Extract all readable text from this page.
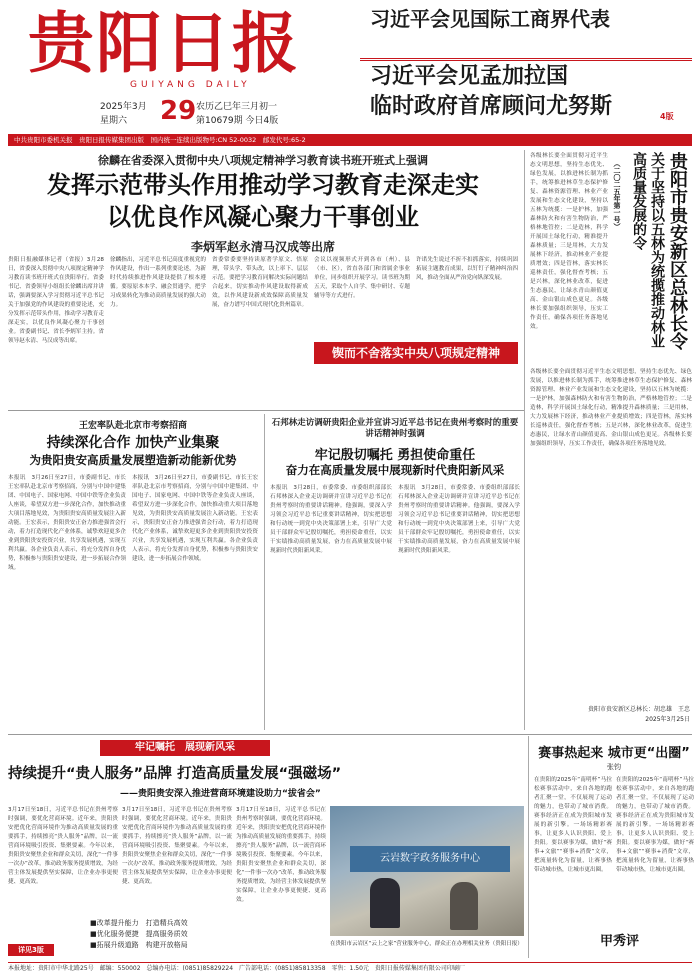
贵阳日报
GUIYANG DAILY
2025年3月
星期六 29 农历乙巳年三月初一
第10679期 今日4版
习近平会见国际工商界代表
习近平会见孟加拉国
临时政府首席顾问尤努斯	4版
中共贵阳市委机关报　贵阳日报传媒集团出版　国内统一连续出版物号:CN 52-0032　邮发代号:65-2
徐麟在省委深入贯彻中央八项规定精神学习教育读书班开班式上强调
发挥示范带头作用推动学习教育走深走实
以优良作风凝心聚力干事创业
李炳军赵永清马汉成等出席
贵阳日报融媒体记者（省报）3月28日，省委深入贯彻中央八项规定精神学习教育读书班开班式在贵阳举行。省委书记、省委领导小组组长徐麟出席并讲话，强调要深入学习贯彻习近平总书记关于加强党的作风建设的重要论述，充分发挥示范带头作用，推动学习教育走深走实，以优良作风凝心聚力干事创业。省委副书记、省长李炳军主持。省领导赵永清、马汉成等出席。
徐麟指出，习近平总书记高度重视党的作风建设，作出一系列重要论述，为新时代持续推进作风建设提供了根本遵循。要原原本本学、融会贯通学，把学习成果转化为推动高质量发展的强大动力。
省委常委要坚持读原著学原文、悟原理，带头学、带头改，以上率下、层层示范。要把学习教育同解决实际问题结合起来，切实推动作风建设取得新成效，以作风建设新成效保障高质量发展，奋力谱写中国式现代化贵州篇章。
会议以视频形式开到各市（州）、县（市、区），省直各部门和省属企事业单位，同步组织开展学习。读书班为期五天，采取个人自学、集中研讨、专题辅导等方式进行。
许诺先生说过不折不扣抓落实，持续巩固拓展主题教育成果，以钉钉子精神纠治四风，推动全面从严治党向纵深发展。
锲而不舍落实中央八项规定精神
贵阳市贵安新区总林长令
关于坚持以五林为统揽推动林业高质量发展的令
（二〇二五年第一号）
各级林长要全面贯彻习近平生态文明思想，坚持生态优先、绿色发展，以推进林长制为抓手，统筹推进林草生态保护修复、森林资源管理、林业产业发展和生态文化建设，坚持以五林为统揽：一是护林，加强森林防火和有害生物防治，严格林地管控；二是造林，科学开展国土绿化行动，精准提升森林质量；三是用林，大力发展林下经济，推动林业产业提质增效；四是管林，落实林长巡林责任，强化督查考核；五是兴林，深化林业改革，促进生态惠民，让绿水青山颜值更高、金山银山成色更足。各级林长要加强组织领导，压实工作责任，确保各项任务落地见效。
各级林长要全面贯彻习近平生态文明思想，坚持生态优先、绿色发展，以推进林长制为抓手，统筹推进林草生态保护修复、森林资源管理、林业产业发展和生态文化建设，坚持以五林为统揽：一是护林，加强森林防火和有害生物防治，严格林地管控；二是造林，科学开展国土绿化行动，精准提升森林质量；三是用林，大力发展林下经济，推动林业产业提质增效；四是管林，落实林长巡林责任，强化督查考核；五是兴林，深化林业改革，促进生态惠民，让绿水青山颜值更高、金山银山成色更足。各级林长要加强组织领导，压实工作责任，确保各项任务落地见效。
贵阳市贵安新区总林长：胡忠雄　王忠
2025年3月25日
王宏率队赴北京市考察招商
持续深化合作 加快产业集聚
为贵阳贵安高质量发展塑造新动能新优势
本报讯　3月26日至27日，市委副书记、市长王宏率队赴北京市考察招商，分别与中国中建集团、中国电子、国家电网、中国中铁等企业负责人座谈，希望双方进一步深化合作，加快推动重大项目落地见效，为贵阳贵安高质量发展注入新动能。王宏表示，贵阳贵安正奋力推进强省会行动，着力打造现代化产业体系，诚挚欢迎更多企业到贵阳贵安投资兴业，共享发展机遇，实现互利共赢。各企业负责人表示，将充分发挥自身优势，积极参与贵阳贵安建设，进一步拓展合作领域。
本报讯　3月26日至27日，市委副书记、市长王宏率队赴北京市考察招商，分别与中国中建集团、中国电子、国家电网、中国中铁等企业负责人座谈，希望双方进一步深化合作，加快推动重大项目落地见效，为贵阳贵安高质量发展注入新动能。王宏表示，贵阳贵安正奋力推进强省会行动，着力打造现代化产业体系，诚挚欢迎更多企业到贵阳贵安投资兴业，共享发展机遇，实现互利共赢。各企业负责人表示，将充分发挥自身优势，积极参与贵阳贵安建设，进一步拓展合作领域。
石邦林走访调研贵阳企业并宣讲习近平总书记在贵州考察时的重要讲话精神时强调
牢记殷切嘱托 勇担使命重任
奋力在高质量发展中展现新时代贵阳新风采
本报讯　3月28日，市委常委、市委组织部部长石邦林深入企业走访调研并宣讲习近平总书记在贵州考察时的重要讲话精神。他强调，要深入学习领会习近平总书记重要讲话精神，切实把思想和行动统一到党中央决策部署上来，引导广大党员干部群众牢记殷切嘱托，勇担使命重任，以实干实绩推动高质量发展，奋力在高质量发展中展现新时代贵阳新风采。
本报讯　3月28日，市委常委、市委组织部部长石邦林深入企业走访调研并宣讲习近平总书记在贵州考察时的重要讲话精神。他强调，要深入学习领会习近平总书记重要讲话精神，切实把思想和行动统一到党中央决策部署上来，引导广大党员干部群众牢记殷切嘱托，勇担使命重任，以实干实绩推动高质量发展，奋力在高质量发展中展现新时代贵阳新风采。
牢记嘱托　展现新风采
持续提升“贵人服务”品牌 打造高质量发展“强磁场”
——贵阳贵安深入推进营商环境建设助力“拔省会”
3月17日至18日，习近平总书记在贵州考察时强调，要优化营商环境。近年来，贵阳贵安把优化营商环境作为推动高质量发展的重要抓手，持续擦亮“贵人服务”品牌，以一流营商环境吸引投资、集聚要素。今年以来，贵阳贵安聚焦企业和群众关切，深化“一件事一次办”改革，推动政务服务提质增效，为经营主体发展提供坚实保障，让企业办事更便捷、更高效。
3月17日至18日，习近平总书记在贵州考察时强调，要优化营商环境。近年来，贵阳贵安把优化营商环境作为推动高质量发展的重要抓手，持续擦亮“贵人服务”品牌，以一流营商环境吸引投资、集聚要素。今年以来，贵阳贵安聚焦企业和群众关切，深化“一件事一次办”改革，推动政务服务提质增效，为经营主体发展提供坚实保障，让企业办事更便捷、更高效。
3月17日至18日，习近平总书记在贵州考察时强调，要优化营商环境。近年来，贵阳贵安把优化营商环境作为推动高质量发展的重要抓手，持续擦亮“贵人服务”品牌，以一流营商环境吸引投资、集聚要素。今年以来，贵阳贵安聚焦企业和群众关切，深化“一件事一次办”改革，推动政务服务提质增效，为经营主体发展提供坚实保障，让企业办事更便捷、更高效。
■改革提升能力　打造精兵高效
■优化服务便捷　提高服务质效
■拓展升级道路　构建开放格局
详见3版
云岩数字政务服务中心
在贵阳市云岩区“云上之家”营业服务中心，群众正在办理相关业务（贵阳日报）
赛事热起来 城市更“出圈”
张钧
在贵阳的2025年“南明杯”马拉松赛事活动中，来自各地的跑者汇聚一堂，不仅展现了运动的魅力，也带动了城市消费。赛事经济正在成为贵阳城市发展的新引擎。一场场精彩赛事，让更多人认识贵阳、爱上贵阳。要以赛事为媒，做好“赛事+文旅”“赛事+消费”文章，把流量转化为留量，让赛事热带动城市热，让城市更出圈。
在贵阳的2025年“南明杯”马拉松赛事活动中，来自各地的跑者汇聚一堂，不仅展现了运动的魅力，也带动了城市消费。赛事经济正在成为贵阳城市发展的新引擎。一场场精彩赛事，让更多人认识贵阳、爱上贵阳。要以赛事为媒，做好“赛事+文旅”“赛事+消费”文章，把流量转化为留量，让赛事热带动城市热，让城市更出圈。
甲秀评
本报地址：贵阳市中华北路25号　邮编：550002　总编办电话：(0851)85829224　广告部电话：(0851)85813358　零售：1.50元　贵阳日报传媒集团有限公司印刷厂
